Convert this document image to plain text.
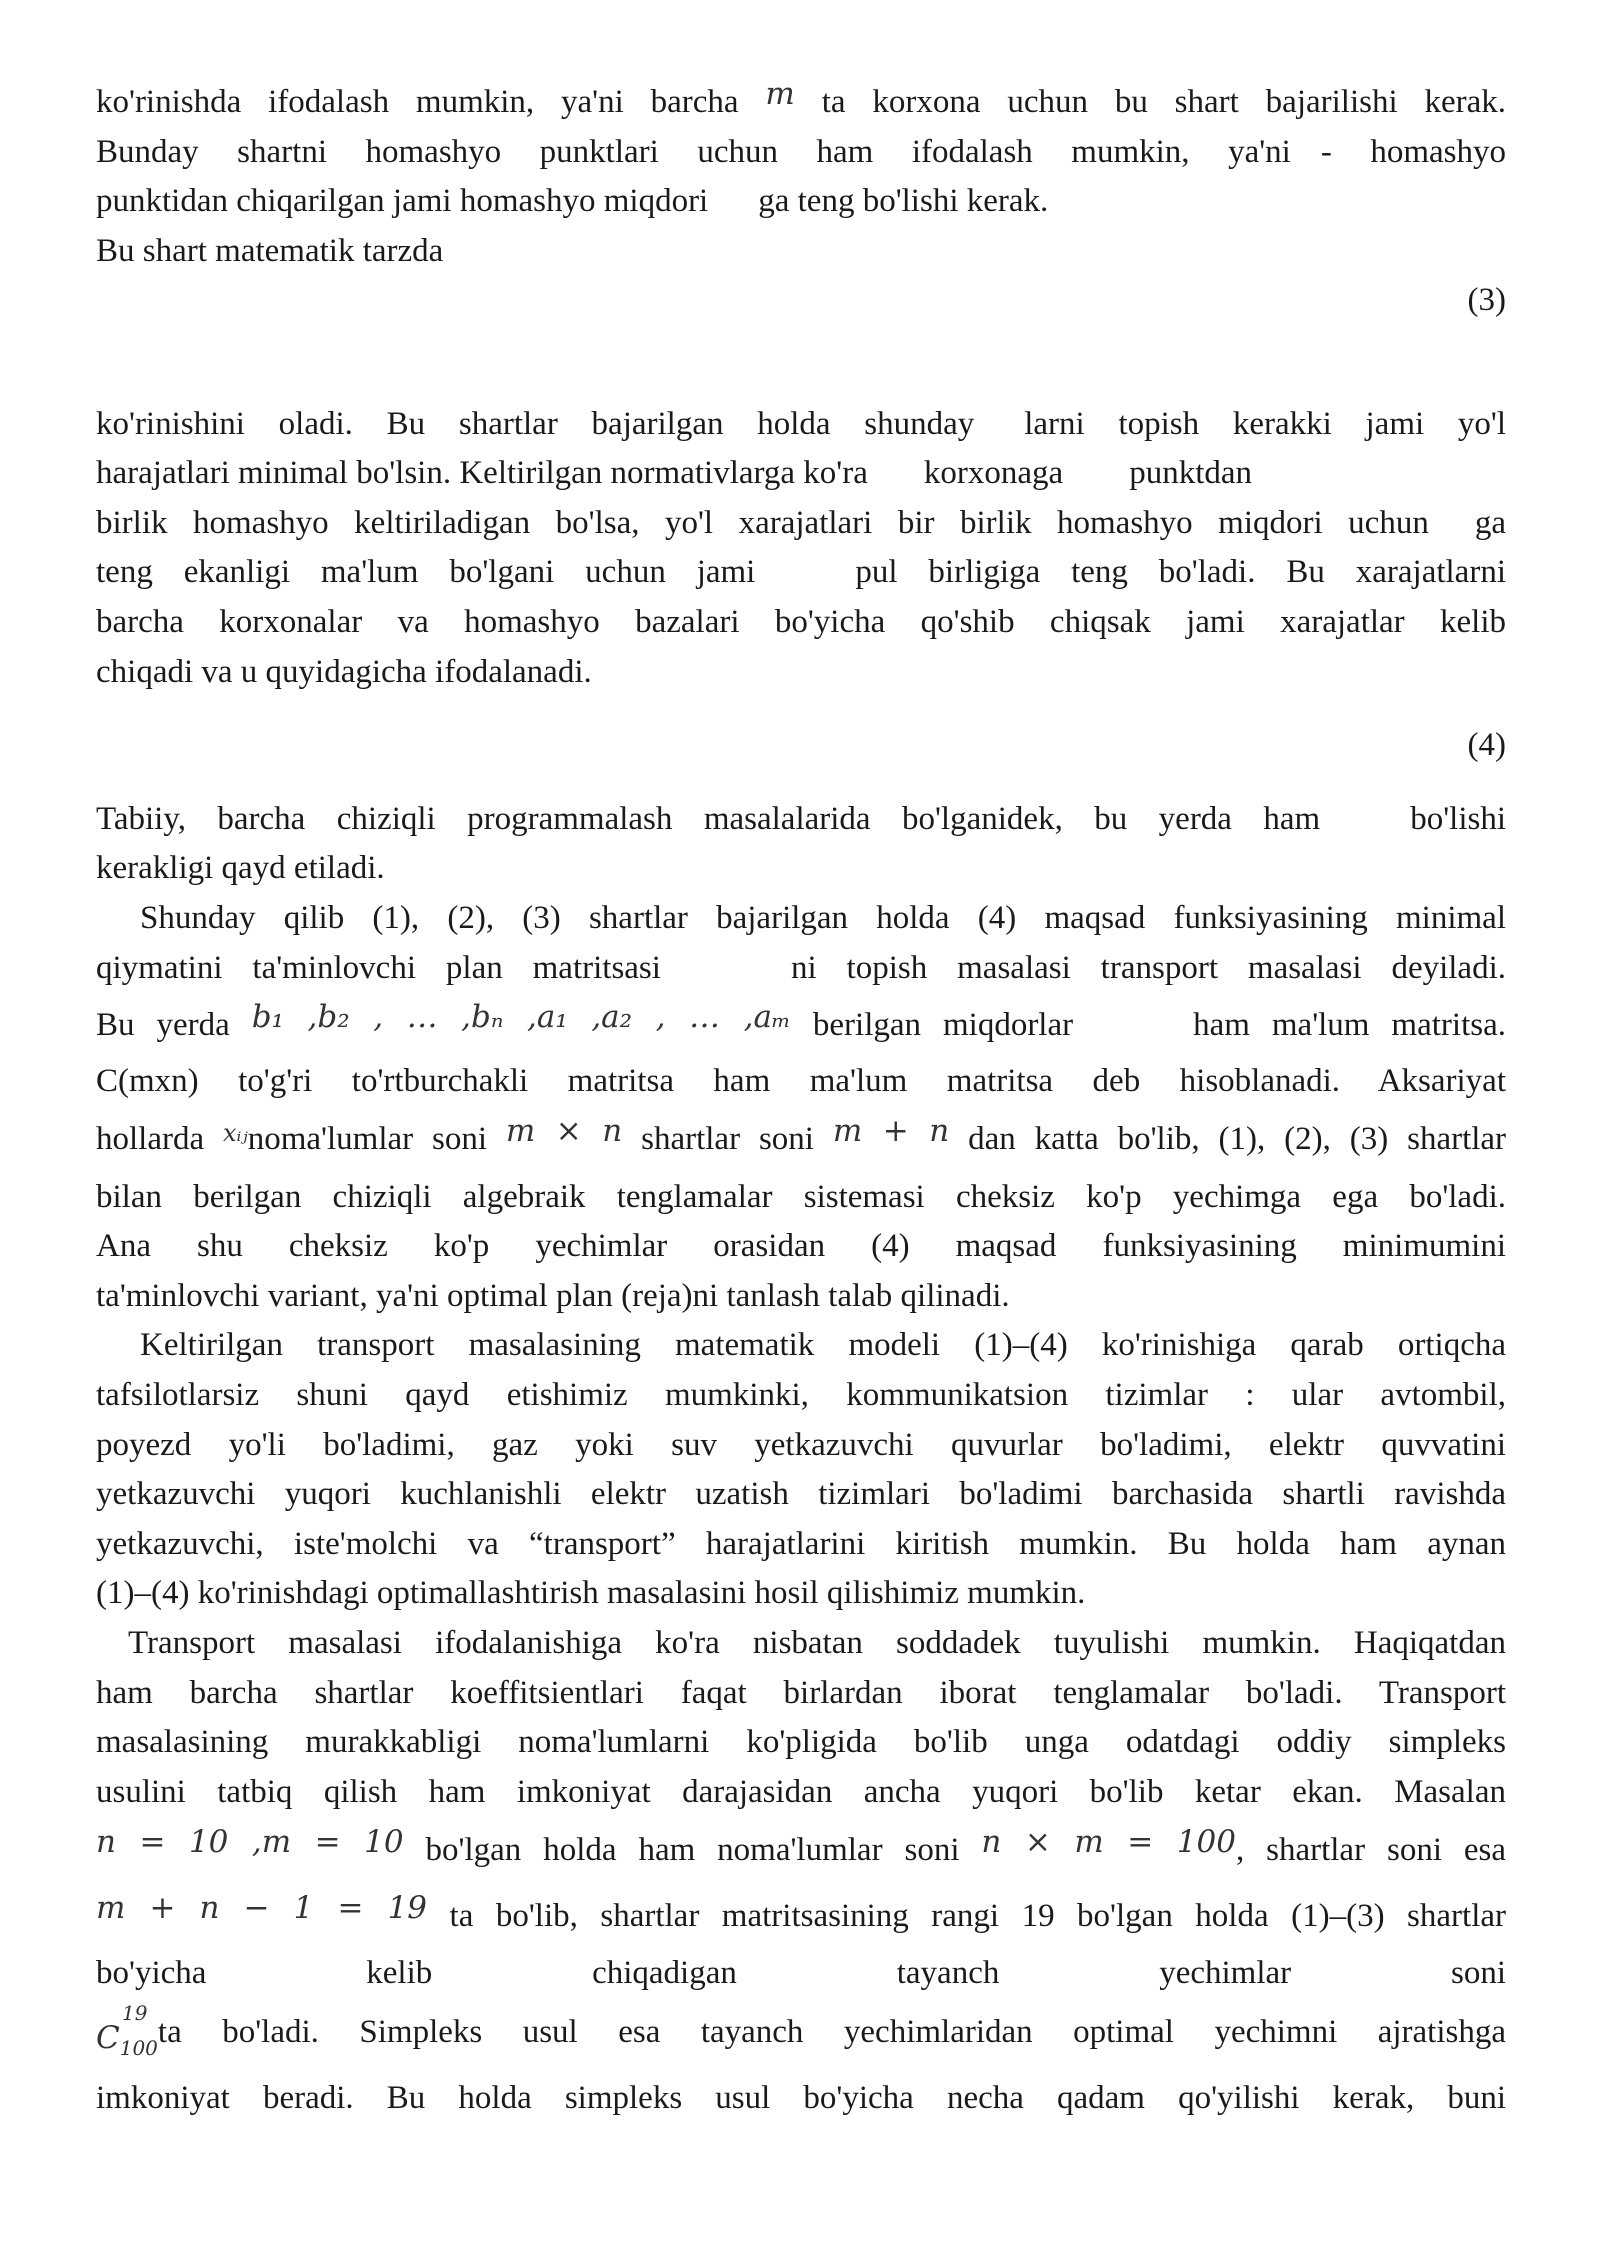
ko'rinishda ifodalash mumkin, ya'ni barcha m ta korxona uchun bu shart bajarilishi kerak.
Bunday shartni homashyo punktlari uchun ham ifodalash mumkin, ya'ni - homashyo
punktidan chiqarilgan jami homashyo miqdori ga teng bo'lishi kerak.
Bu shart matematik tarzda
(3)
ko'rinishini oladi. Bu shartlar bajarilgan holda shunday larni topish kerakki jami yo'l
harajatlari minimal bo'lsin. Keltirilgan normativlarga ko'ra korxonaga punktdan
birlik homashyo keltiriladigan bo'lsa, yo'l xarajatlari bir birlik homashyo miqdori uchun ga
teng ekanligi ma'lum bo'lgani uchun jami	pul birligiga teng bo'ladi. Bu xarajatlarni
barcha korxonalar va homashyo bazalari bo'yicha qo'shib chiqsak jami xarajatlar kelib
chiqadi va u quyidagicha ifodalanadi.
(4)
Tabiiy, barcha chiziqli programmalash masalalarida bo'lganidek, bu yerda ham	bo'lishi
kerakligi qayd etiladi.
Shunday qilib (1), (2), (3) shartlar bajarilgan holda (4) maqsad funksiyasining minimal
qiymatini ta'minlovchi plan matritsasi	ni topish masalasi transport masalasi deyiladi.
Bu yerda b₁ ,b₂ , … ,bₙ ,a₁ ,a₂ , … ,aₘ berilgan miqdorlar	ham ma'lum matritsa.
C(mxn) to'g'ri to'rtburchakli matritsa ham ma'lum matritsa deb hisoblanadi. Aksariyat
hollarda $^{xᵢⱼ}$noma'lumlar soni m × n shartlar soni m + n dan katta bo'lib, (1), (2), (3) shartlar
bilan berilgan chiziqli algebraik tenglamalar sistemasi cheksiz ko'p yechimga ega bo'ladi.
Ana shu cheksiz ko'p yechimlar orasidan (4) maqsad funksiyasining minimumini
ta'minlovchi variant, ya'ni optimal plan (reja)ni tanlash talab qilinadi.
Keltirilgan transport masalasining matematik modeli (1)–(4) ko'rinishiga qarab ortiqcha
tafsilotlarsiz shuni qayd etishimiz mumkinki, kommunikatsion tizimlar : ular avtombil,
poyezd yo'li bo'ladimi, gaz yoki suv yetkazuvchi quvurlar bo'ladimi, elektr quvvatini
yetkazuvchi yuqori kuchlanishli elektr uzatish tizimlari bo'ladimi barchasida shartli ravishda
yetkazuvchi, iste'molchi va “transport” harajatlarini kiritish mumkin. Bu holda ham aynan
(1)–(4) ko'rinishdagi optimallashtirish masalasini hosil qilishimiz mumkin.
Transport masalasi ifodalanishiga ko'ra nisbatan soddadek tuyulishi mumkin. Haqiqatdan
ham barcha shartlar koeffitsientlari faqat birlardan iborat tenglamalar bo'ladi. Transport
masalasining murakkabligi noma'lumlarni ko'pligida bo'lib unga odatdagi oddiy simpleks
usulini tatbiq qilish ham imkoniyat darajasidan ancha yuqori bo'lib ketar ekan. Masalan
n = 10 ,m = 10 bo'lgan holda ham noma'lumlar soni n × m = 100, shartlar soni esa
m + n − 1 = 19 ta bo'lib, shartlar matritsasining rangi 19 bo'lgan holda (1)–(3) shartlar
bo'yicha kelib chiqadigan tayanch yechimlar soni
19
$C_{100}$ ta bo'ladi. Simpleks usul esa tayanch yechimlaridan optimal yechimni ajratishga
imkoniyat beradi. Bu holda simpleks usul bo'yicha necha qadam qo'yilishi kerak, buni
